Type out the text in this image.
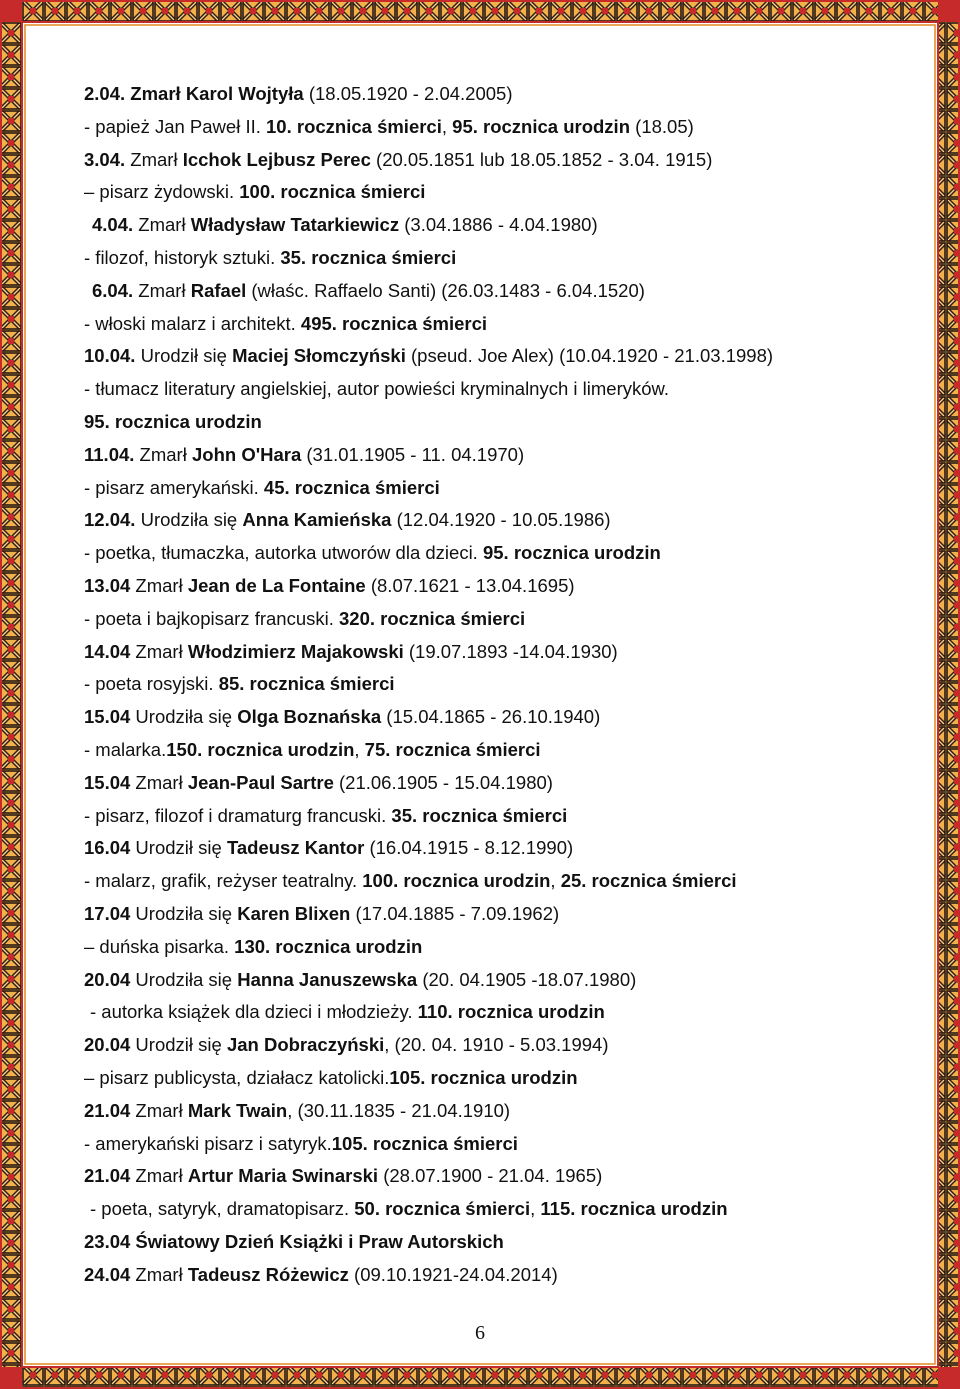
2.04. Zmarł Karol Wojtyła (18.05.1920 - 2.04.2005)
- papież Jan Paweł II. 10. rocznica śmierci, 95. rocznica urodzin (18.05)
3.04. Zmarł Icchok Lejbusz Perec (20.05.1851 lub 18.05.1852 - 3.04. 1915)
– pisarz żydowski. 100. rocznica śmierci
4.04. Zmarł Władysław Tatarkiewicz (3.04.1886 - 4.04.1980)
- filozof, historyk sztuki. 35. rocznica śmierci
6.04. Zmarł Rafael (właśc. Raffaelo Santi) (26.03.1483 - 6.04.1520)
- włoski malarz i architekt. 495. rocznica śmierci
10.04. Urodził się Maciej Słomczyński (pseud. Joe Alex) (10.04.1920 - 21.03.1998)
- tłumacz literatury angielskiej, autor powieści kryminalnych i limeryków.
95. rocznica urodzin
11.04. Zmarł John O'Hara (31.01.1905 - 11. 04.1970)
- pisarz amerykański. 45. rocznica śmierci
12.04. Urodziła się Anna Kamieńska (12.04.1920 - 10.05.1986)
- poetka, tłumaczka, autorka utworów dla dzieci. 95. rocznica urodzin
13.04 Zmarł Jean de La Fontaine (8.07.1621 - 13.04.1695)
- poeta i bajkopisarz francuski. 320. rocznica śmierci
14.04 Zmarł Włodzimierz Majakowski (19.07.1893 -14.04.1930)
- poeta rosyjski. 85. rocznica śmierci
15.04 Urodziła się Olga Boznańska (15.04.1865 - 26.10.1940)
- malarka.150. rocznica urodzin, 75. rocznica śmierci
15.04 Zmarł Jean-Paul Sartre (21.06.1905 - 15.04.1980)
- pisarz, filozof i dramaturg francuski. 35. rocznica śmierci
16.04 Urodził się Tadeusz Kantor (16.04.1915 - 8.12.1990)
- malarz, grafik, reżyser teatralny. 100. rocznica urodzin, 25. rocznica śmierci
17.04 Urodziła się Karen Blixen (17.04.1885 - 7.09.1962)
– duńska pisarka. 130. rocznica urodzin
20.04 Urodziła się Hanna Januszewska (20. 04.1905 -18.07.1980)
- autorka książek dla dzieci i młodzieży. 110. rocznica urodzin
20.04 Urodził się Jan Dobraczyński, (20. 04. 1910 - 5.03.1994)
– pisarz publicysta, działacz katolicki.105. rocznica urodzin
21.04 Zmarł Mark Twain, (30.11.1835 - 21.04.1910)
- amerykański pisarz i satyryk.105. rocznica śmierci
21.04 Zmarł Artur Maria Swinarski (28.07.1900 - 21.04. 1965)
- poeta, satyryk, dramatopisarz. 50. rocznica śmierci, 115. rocznica urodzin
23.04 Światowy Dzień Książki i Praw Autorskich
24.04 Zmarł Tadeusz Różewicz (09.10.1921-24.04.2014)
6
